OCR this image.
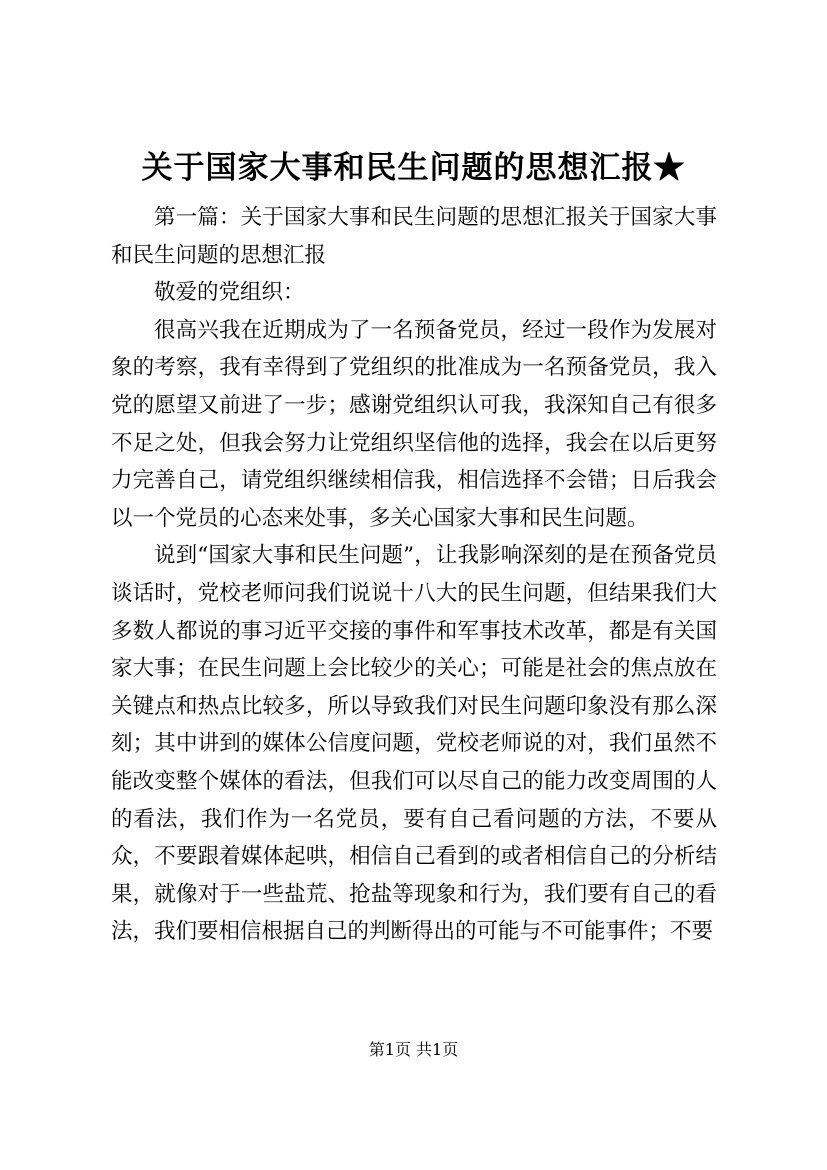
关于国家大事和民生问题的思想汇报★

第一篇：关于国家大事和民生问题的思想汇报关于国家大事和民生问题的思想汇报

敬爱的党组织：

很高兴我在近期成为了一名预备党员，经过一段作为发展对象的考察，我有幸得到了党组织的批准成为一名预备党员，我入党的愿望又前进了一步；感谢党组织认可我，我深知自己有很多不足之处，但我会努力让党组织坚信他的选择，我会在以后更努力完善自己，请党组织继续相信我，相信选择不会错；日后我会以一个党员的心态来处事，多关心国家大事和民生问题。

说到“国家大事和民生问题”，让我影响深刻的是在预备党员谈话时，党校老师问我们说说十八大的民生问题，但结果我们大多数人都说的事习近平交接的事件和军事技术改革，都是有关国家大事；在民生问题上会比较少的关心；可能是社会的焦点放在关键点和热点比较多，所以导致我们对民生问题印象没有那么深刻；其中讲到的媒体公信度问题，党校老师说的对，我们虽然不能改变整个媒体的看法，但我们可以尽自己的能力改变周围的人的看法，我们作为一名党员，要有自己看问题的方法，不要从众，不要跟着媒体起哄，相信自己看到的或者相信自己的分析结果，就像对于一些盐荒、抢盐等现象和行为，我们要有自己的看法，我们要相信根据自己的判断得出的可能与不可能事件；不要

第1页 共1页
